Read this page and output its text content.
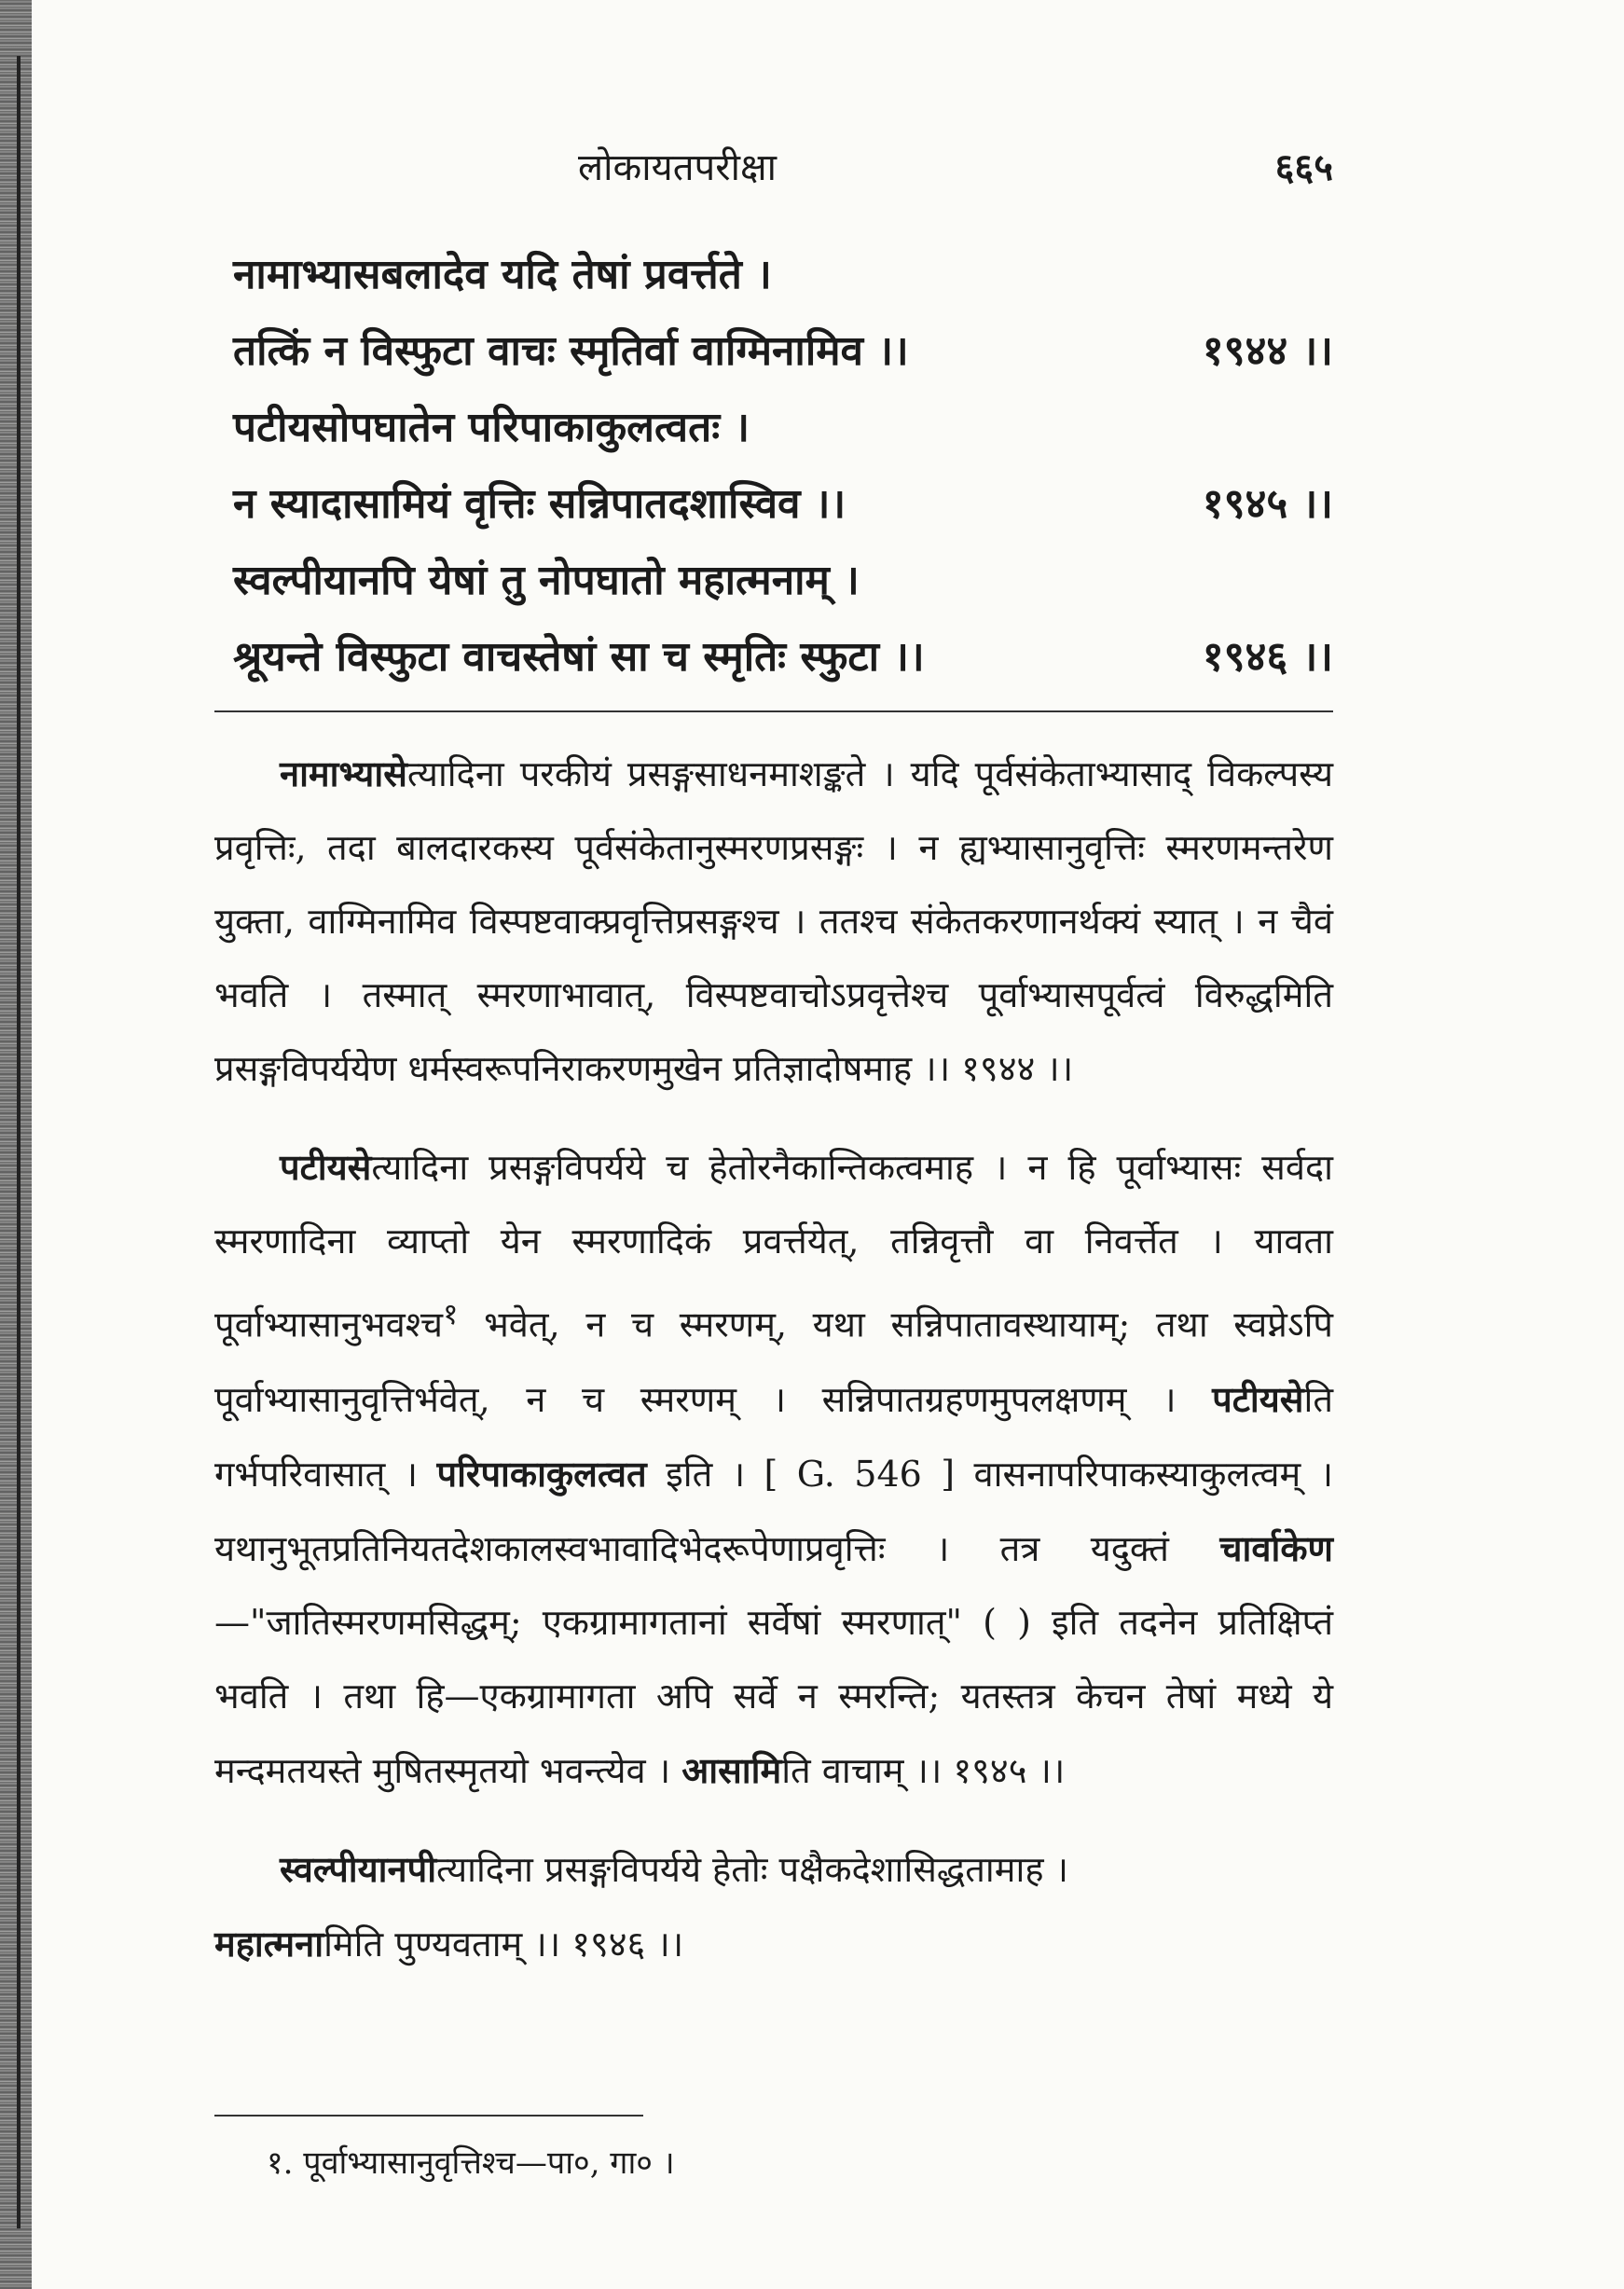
लोकायतपरीक्षा	६६५
नामाभ्यासबलादेव यदि तेषां प्रवर्त्तते ।
तत्किं न विस्फुटा वाचः स्मृतिर्वा वाग्मिनामिव ।।	१९४४ ।।
पटीयसोपघातेन परिपाकाकुलत्वतः ।
न स्यादासामियं वृत्तिः सन्निपातदशास्विव ।।	१९४५ ।।
स्वल्पीयानपि येषां तु नोपघातो महात्मनाम् ।
श्रूयन्ते विस्फुटा वाचस्तेषां सा च स्मृतिः स्फुटा ।।	१९४६ ।।

नामाभ्यासेत्यादिना परकीयं प्रसङ्गसाधनमाशङ्कते । यदि पूर्वसंकेताभ्यासाद् विकल्पस्य प्रवृत्तिः, तदा बालदारकस्य पूर्वसंकेतानुस्मरणप्रसङ्गः । न ह्यभ्यासानुवृत्तिः स्मरणमन्तरेण युक्ता, वाग्मिनामिव विस्पष्टवाक्प्रवृत्तिप्रसङ्गश्च । ततश्च संकेतकरणानर्थक्यं स्यात् । न चैवं भवति । तस्मात् स्मरणाभावात्, विस्पष्टवाचोऽप्रवृत्तेश्च पूर्वाभ्यासपूर्वत्वं विरुद्धमिति प्रसङ्गविपर्ययेण धर्मस्वरूपनिराकरणमुखेन प्रतिज्ञादोषमाह ।। १९४४ ।।

पटीयसेत्यादिना प्रसङ्गविपर्यये च हेतोरनैकान्तिकत्वमाह । न हि पूर्वाभ्यासः सर्वदा स्मरणादिना व्याप्तो येन स्मरणादिकं प्रवर्त्तयेत्, तन्निवृत्तौ वा निवर्त्तेत । यावता पूर्वाभ्यासानुभवश्च$^१$ भवेत्, न च स्मरणम्, यथा सन्निपातावस्थायाम्; तथा स्वप्नेऽपि पूर्वाभ्यासानुवृत्तिर्भवेत्, न च स्मरणम् । सन्निपातग्रहणमुपलक्षणम् । पटीयसेति गर्भपरिवासात् । परिपाकाकुलत्वत इति । [ G. 546 ] वासनापरिपाकस्याकुलत्वम् । यथानुभूतप्रतिनियतदेशकालस्वभावादिभेदरूपेणाप्रवृत्तिः । तत्र यदुक्तं चार्वाकेण—"जातिस्मरणमसिद्धम्; एकग्रामागतानां सर्वेषां स्मरणात्" ( ) इति तदनेन प्रतिक्षिप्तं भवति । तथा हि—एकग्रामागता अपि सर्वे न स्मरन्ति; यतस्तत्र केचन तेषां मध्ये ये मन्दमतयस्ते मुषितस्मृतयो भवन्त्येव । आसामिति वाचाम् ।। १९४५ ।।

स्वल्पीयानपीत्यादिना प्रसङ्गविपर्यये हेतोः पक्षैकदेशासिद्धतामाह ।
महात्मनामिति पुण्यवताम् ।। १९४६ ।।

१. पूर्वाभ्यासानुवृत्तिश्च—पा०, गा० ।
